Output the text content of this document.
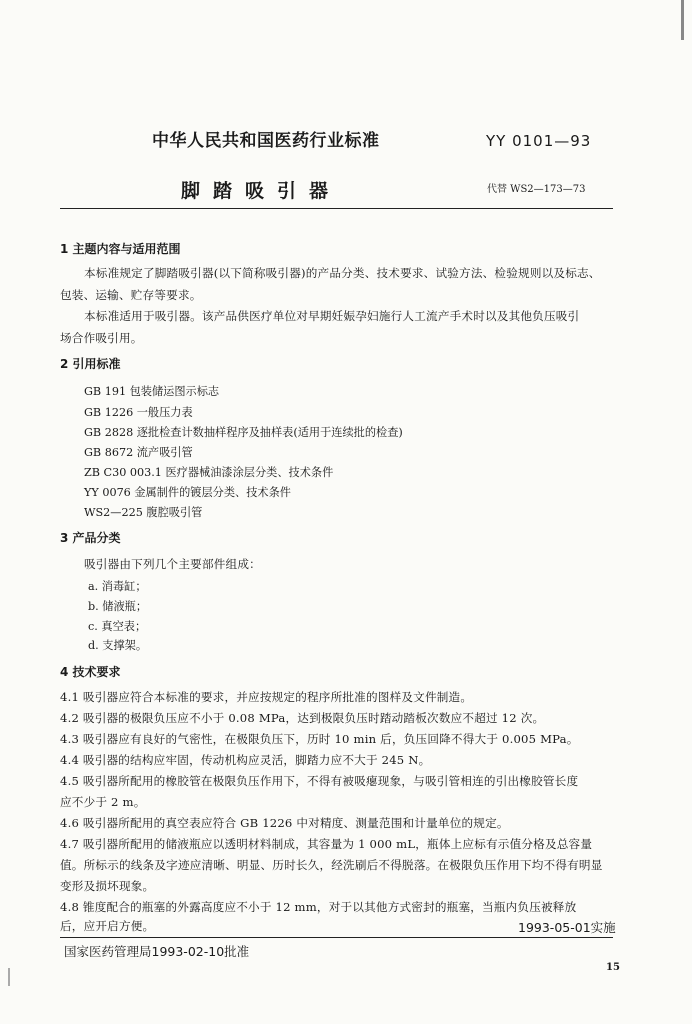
中华人民共和国医药行业标准	YY 0101—93
脚踏吸引器	代替 WS2—173—73
1 主题内容与适用范围
本标准规定了脚踏吸引器(以下简称吸引器)的产品分类、技术要求、试验方法、检验规则以及标志、
包装、运输、贮存等要求。
本标准适用于吸引器。该产品供医疗单位对早期妊娠孕妇施行人工流产手术时以及其他负压吸引
场合作吸引用。
2 引用标准
GB 191 包装储运图示标志
GB 1226 一般压力表
GB 2828 逐批检查计数抽样程序及抽样表(适用于连续批的检查)
GB 8672 流产吸引管
ZB C30 003.1 医疗器械油漆涂层分类、技术条件
YY 0076 金属制件的镀层分类、技术条件
WS2—225 腹腔吸引管
3 产品分类
吸引器由下列几个主要部件组成：
a. 消毒缸；
b. 储液瓶；
c. 真空表；
d. 支撑架。
4 技术要求
4.1 吸引器应符合本标准的要求，并应按规定的程序所批准的图样及文件制造。
4.2 吸引器的极限负压应不小于 0.08 MPa，达到极限负压时踏动踏板次数应不超过 12 次。
4.3 吸引器应有良好的气密性，在极限负压下，历时 10 min 后，负压回降不得大于 0.005 MPa。
4.4 吸引器的结构应牢固，传动机构应灵活，脚踏力应不大于 245 N。
4.5 吸引器所配用的橡胶管在极限负压作用下，不得有被吸瘪现象，与吸引管相连的引出橡胶管长度
应不少于 2 m。
4.6 吸引器所配用的真空表应符合 GB 1226 中对精度、测量范围和计量单位的规定。
4.7 吸引器所配用的储液瓶应以透明材料制成，其容量为 1 000 mL，瓶体上应标有示值分格及总容量
值。所标示的线条及字迹应清晰、明显、历时长久，经洗刷后不得脱落。在极限负压作用下均不得有明显
变形及损坏现象。
4.8 锥度配合的瓶塞的外露高度应不小于 12 mm，对于以其他方式密封的瓶塞，当瓶内负压被释放
后，应开启方便。
国家医药管理局1993-02-10批准
1993-05-01实施
15
